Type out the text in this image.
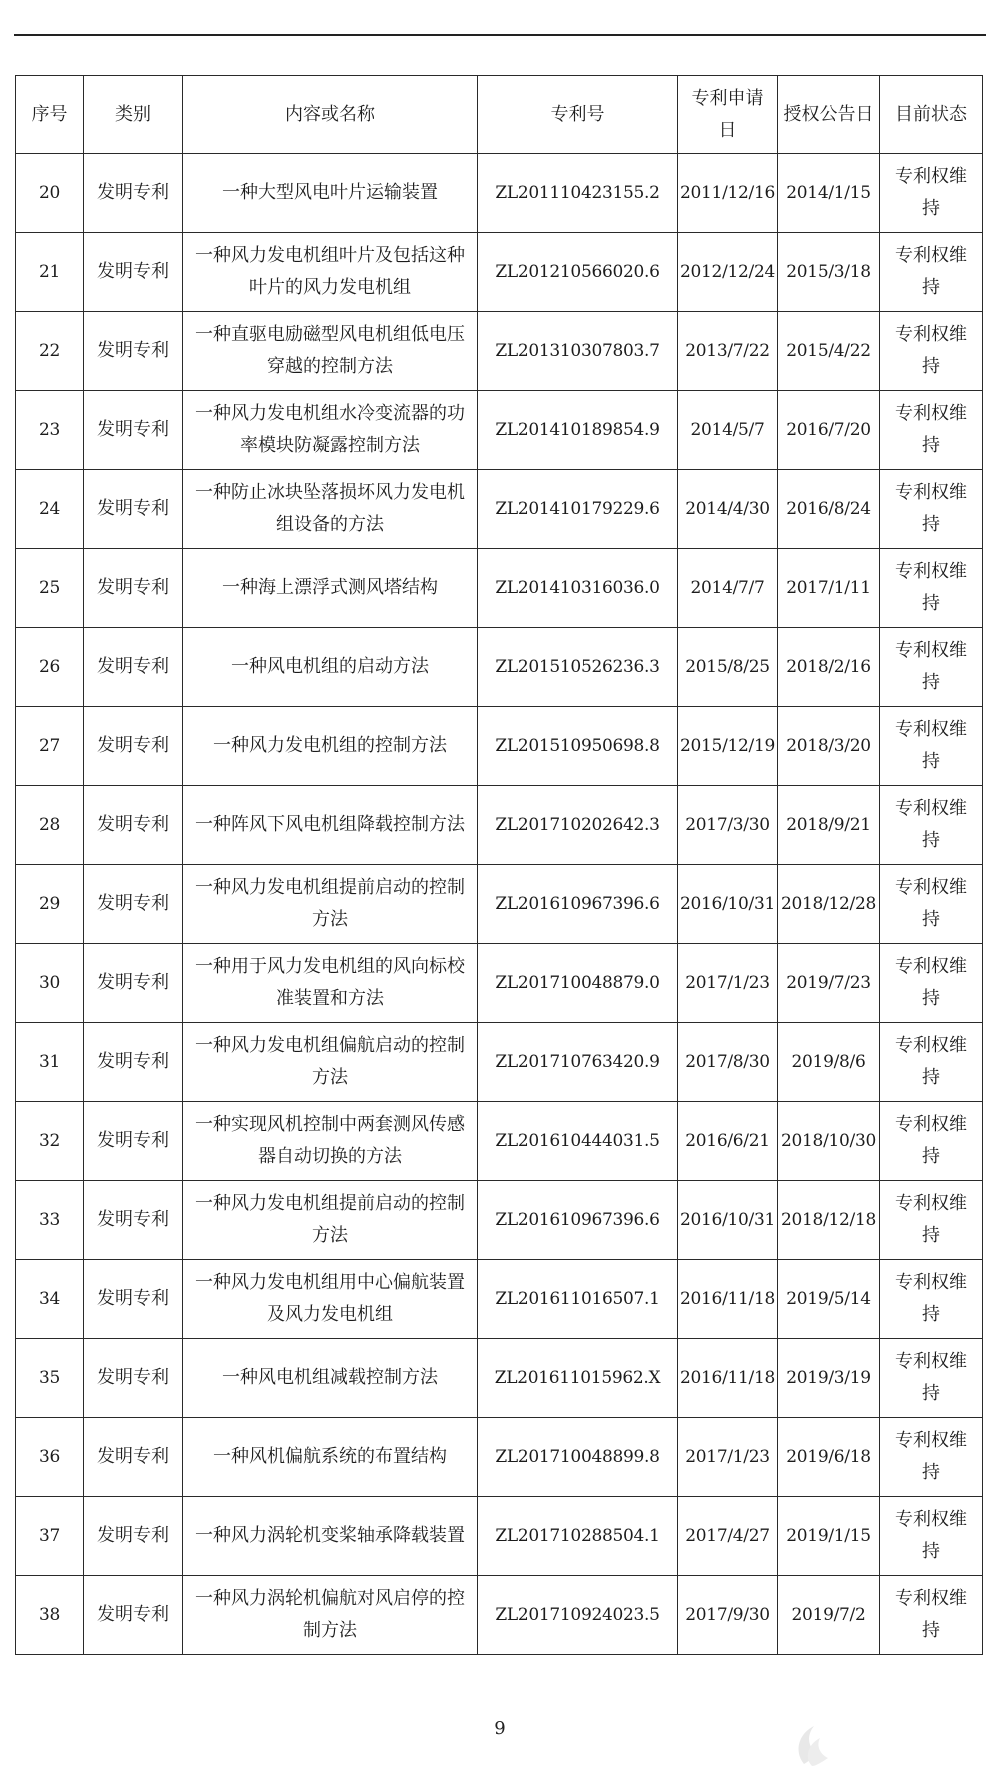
序号	类别	内容或名称	专利号	专利申请日	授权公告日	目前状态
20	发明专利	一种大型风电叶片运输装置	ZL201110423155.2	2011/12/16	2014/1/15	专利权维持
21	发明专利	一种风力发电机组叶片及包括这种叶片的风力发电机组	ZL201210566020.6	2012/12/24	2015/3/18	专利权维持
22	发明专利	一种直驱电励磁型风电机组低电压穿越的控制方法	ZL201310307803.7	2013/7/22	2015/4/22	专利权维持
23	发明专利	一种风力发电机组水冷变流器的功率模块防凝露控制方法	ZL201410189854.9	2014/5/7	2016/7/20	专利权维持
24	发明专利	一种防止冰块坠落损坏风力发电机组设备的方法	ZL201410179229.6	2014/4/30	2016/8/24	专利权维持
25	发明专利	一种海上漂浮式测风塔结构	ZL201410316036.0	2014/7/7	2017/1/11	专利权维持
26	发明专利	一种风电机组的启动方法	ZL201510526236.3	2015/8/25	2018/2/16	专利权维持
27	发明专利	一种风力发电机组的控制方法	ZL201510950698.8	2015/12/19	2018/3/20	专利权维持
28	发明专利	一种阵风下风电机组降载控制方法	ZL201710202642.3	2017/3/30	2018/9/21	专利权维持
29	发明专利	一种风力发电机组提前启动的控制方法	ZL201610967396.6	2016/10/31	2018/12/28	专利权维持
30	发明专利	一种用于风力发电机组的风向标校准装置和方法	ZL201710048879.0	2017/1/23	2019/7/23	专利权维持
31	发明专利	一种风力发电机组偏航启动的控制方法	ZL201710763420.9	2017/8/30	2019/8/6	专利权维持
32	发明专利	一种实现风机控制中两套测风传感器自动切换的方法	ZL201610444031.5	2016/6/21	2018/10/30	专利权维持
33	发明专利	一种风力发电机组提前启动的控制方法	ZL201610967396.6	2016/10/31	2018/12/18	专利权维持
34	发明专利	一种风力发电机组用中心偏航装置及风力发电机组	ZL201611016507.1	2016/11/18	2019/5/14	专利权维持
35	发明专利	一种风电机组减载控制方法	ZL201611015962.X	2016/11/18	2019/3/19	专利权维持
36	发明专利	一种风机偏航系统的布置结构	ZL201710048899.8	2017/1/23	2019/6/18	专利权维持
37	发明专利	一种风力涡轮机变桨轴承降载装置	ZL201710288504.1	2017/4/27	2019/1/15	专利权维持
38	发明专利	一种风力涡轮机偏航对风启停的控制方法	ZL201710924023.5	2017/9/30	2019/7/2	专利权维持
9
